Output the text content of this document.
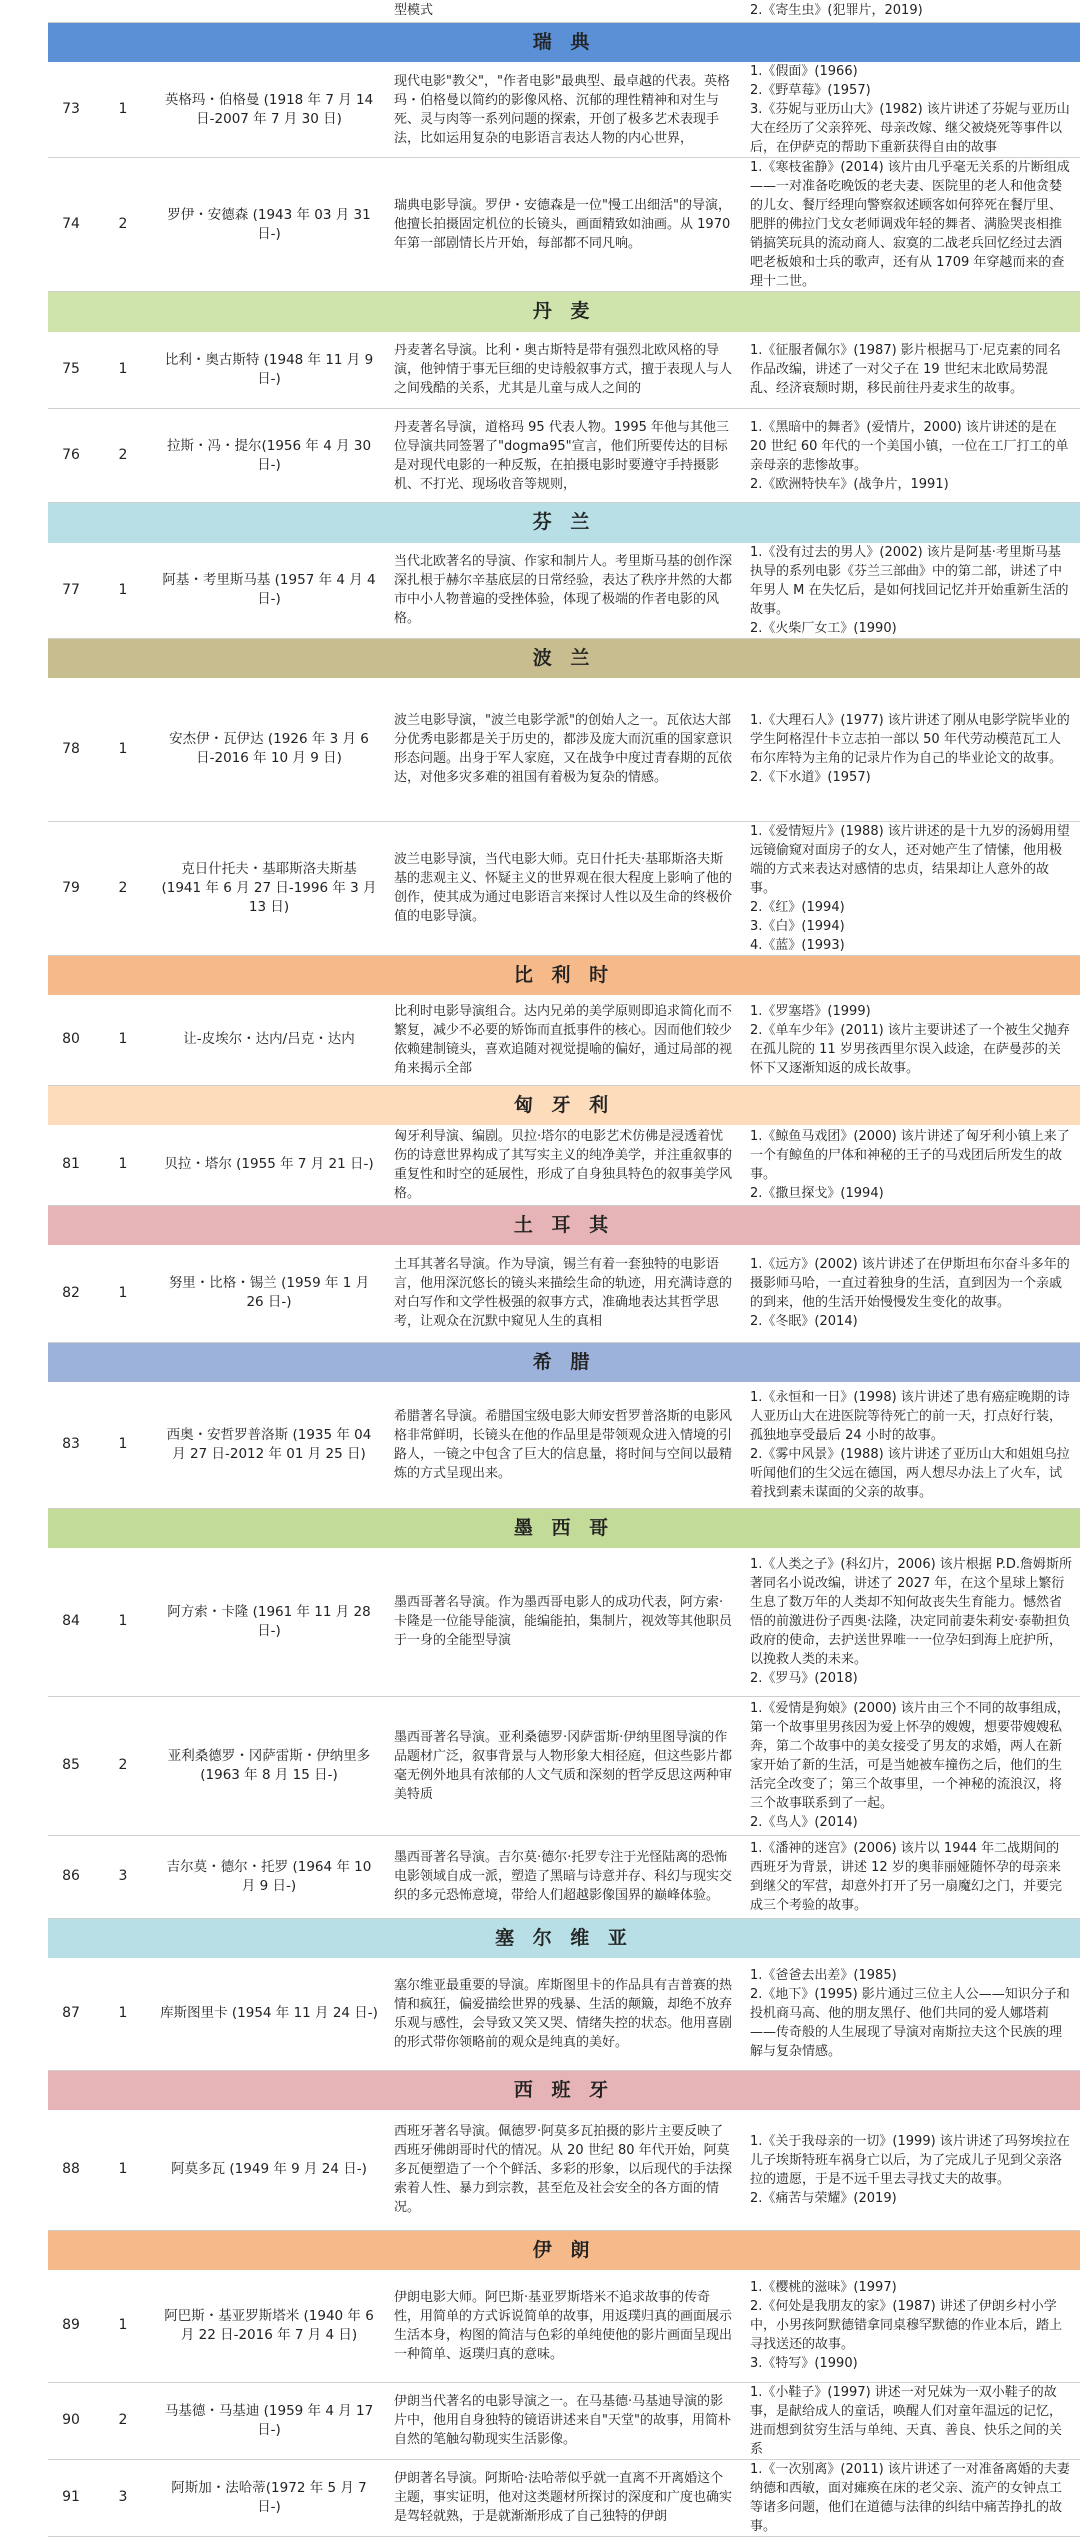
			型模式	2.《寄生虫》(犯罪片，2019)
瑞 典				
73	1	英格玛・伯格曼 (1918 年 7 月 14 日-2007 年 7 月 30 日)	现代电影"教父"，"作者电影"最典型、最卓越的代表。英格玛・伯格曼以简约的影像风格、沉郁的理性精神和对生与死、灵与肉等一系列问题的探索，开创了极多艺术表现手法，比如运用复杂的电影语言表达人物的内心世界，	1.《假面》(1966)
2.《野草莓》(1957)
3.《芬妮与亚历山大》(1982) 该片讲述了芬妮与亚历山大在经历了父亲猝死、母亲改嫁、继父被烧死等事件以后，在伊萨克的帮助下重新获得自由的故事

74	2	罗伊・安德森 (1943 年 03 月 31 日-)	瑞典电影导演。罗伊・安德森是一位"慢工出细活"的导演，他擅长拍摄固定机位的长镜头，画面精致如油画。从 1970 年第一部剧情长片开始，每部都不同凡响。	1.《寒枝雀静》(2014) 该片由几乎毫无关系的片断组成——一对准备吃晚饭的老夫妻、医院里的老人和他贪婪的儿女、餐厅经理向警察叙述顾客如何猝死在餐厅里、肥胖的佛拉门戈女老师调戏年轻的舞者、满脸哭丧相推销搞笑玩具的流动商人、寂寞的二战老兵回忆经过去酒吧老板娘和士兵的歌声，还有从 1709 年穿越而来的查理十二世。

丹 麦				
75	1	比利・奥古斯特 (1948 年 11 月 9 日-)	丹麦著名导演。比利・奥古斯特是带有强烈北欧风格的导演，他钟情于事无巨细的史诗般叙事方式，擅于表现人与人之间残酷的关系，尤其是儿童与成人之间的	1.《征服者佩尔》(1987) 影片根据马丁·尼克素的同名作品改编，讲述了一对父子在 19 世纪末北欧局势混乱、经济衰颓时期，移民前往丹麦求生的故事。

76	2	拉斯・冯・提尔(1956 年 4 月 30 日-)	丹麦著名导演，道格玛 95 代表人物。1995 年他与其他三位导演共同签署了"dogma95"宣言，他们所要传达的目标是对现代电影的一种反叛，在拍摄电影时要遵守手持摄影机、不打光、现场收音等规则，	1.《黑暗中的舞者》(爱情片，2000) 该片讲述的是在 20 世纪 60 年代的一个美国小镇，一位在工厂打工的单亲母亲的悲惨故事。
2.《欧洲特快车》(战争片，1991)

芬 兰				
77	1	阿基・考里斯马基 (1957 年 4 月 4 日-)	当代北欧著名的导演、作家和制片人。考里斯马基的创作深深扎根于赫尔辛基底层的日常经验，表达了秩序井然的大都市中小人物普遍的受挫体验，体现了极端的作者电影的风格。	1.《没有过去的男人》(2002) 该片是阿基·考里斯马基执导的系列电影《芬兰三部曲》中的第二部，讲述了中年男人 M 在失忆后，是如何找回记忆并开始重新生活的故事。
2.《火柴厂女工》(1990)

波 兰				
78	1	安杰伊・瓦伊达 (1926 年 3 月 6 日-2016 年 10 月 9 日)	波兰电影导演，"波兰电影学派"的创始人之一。瓦依达大部分优秀电影都是关于历史的，都涉及庞大而沉重的国家意识形态问题。出身于军人家庭，又在战争中度过青春期的瓦依达，对他多灾多难的祖国有着极为复杂的情感。	1.《大理石人》(1977) 该片讲述了刚从电影学院毕业的学生阿格涅什卡立志拍一部以 50 年代劳动模范瓦工人布尔库特为主角的记录片作为自己的毕业论文的故事。
2.《下水道》(1957)

79	2	克日什托夫・基耶斯洛夫斯基 (1941 年 6 月 27 日-1996 年 3 月 13 日)	波兰电影导演，当代电影大师。克日什托夫·基耶斯洛夫斯基的悲观主义、怀疑主义的世界观在很大程度上影响了他的创作，使其成为通过电影语言来探讨人性以及生命的终极价值的电影导演。	1.《爱情短片》(1988) 该片讲述的是十九岁的汤姆用望远镜偷窥对面房子的女人，还对她产生了情愫，他用极端的方式来表达对感情的忠贞，结果却让人意外的故事。
2.《红》(1994)
3.《白》(1994)
4.《蓝》(1993)

比 利 时				
80	1	让-皮埃尔・达内/吕克・达内	比利时电影导演组合。达内兄弟的美学原则即追求简化而不繁复，减少不必要的矫饰而直抵事件的核心。因而他们较少依赖建制镜头，喜欢追随对视觉提喻的偏好，通过局部的视角来揭示全部	1.《罗塞塔》(1999)
2.《单车少年》(2011) 该片主要讲述了一个被生父抛弃在孤儿院的 11 岁男孩西里尔误入歧途，在萨曼莎的关怀下又逐渐知返的成长故事。

匈 牙 利				
81	1	贝拉・塔尔 (1955 年 7 月 21 日-)	匈牙利导演、编剧。贝拉·塔尔的电影艺术仿佛是浸透着忧伤的诗意世界构成了其写实主义的纯净美学，并注重叙事的重复性和时空的延展性，形成了自身独具特色的叙事美学风格。	1.《鲸鱼马戏团》(2000) 该片讲述了匈牙利小镇上来了一个有鲸鱼的尸体和神秘的王子的马戏团后所发生的故事。
2.《撒旦探戈》(1994)

土 耳 其				
82	1	努里・比格・锡兰 (1959 年 1 月 26 日-)	土耳其著名导演。作为导演，锡兰有着一套独特的电影语言，他用深沉悠长的镜头来描绘生命的轨迹，用充满诗意的对白写作和文学性极强的叙事方式，准确地表达其哲学思考，让观众在沉默中窥见人生的真相	1.《远方》(2002) 该片讲述了在伊斯坦布尔奋斗多年的摄影师马哈，一直过着独身的生活，直到因为一个亲戚的到来，他的生活开始慢慢发生变化的故事。
2.《冬眠》(2014)

希 腊				
83	1	西奥・安哲罗普洛斯 (1935 年 04 月 27 日-2012 年 01 月 25 日)	希腊著名导演。希腊国宝级电影大师安哲罗普洛斯的电影风格非常鲜明，长镜头在他的作品里是带领观众进入情境的引路人，一镜之中包含了巨大的信息量，将时间与空间以最精炼的方式呈现出来。	1.《永恒和一日》(1998) 该片讲述了患有癌症晚期的诗人亚历山大在进医院等待死亡的前一天，打点好行装，孤独地享受最后 24 小时的故事。
2.《雾中风景》(1988) 该片讲述了亚历山大和姐姐乌拉听闻他们的生父远在德国，两人想尽办法上了火车，试着找到素未谋面的父亲的故事。

墨 西 哥				
84	1	阿方索・卡隆 (1961 年 11 月 28 日-)	墨西哥著名导演。作为墨西哥电影人的成功代表，阿方索·卡隆是一位能导能演，能编能拍，集制片，视效等其他职员于一身的全能型导演	1.《人类之子》(科幻片，2006) 该片根据 P.D.詹姆斯所著同名小说改编，讲述了 2027 年，在这个星球上繁衍生息了数万年的人类却不知何故丧失生育能力。憾然省悟的前激进份子西奥·法隆，决定同前妻朱莉安·泰勒担负政府的使命，去护送世界唯一一位孕妇到海上庇护所，以挽救人类的未来。
2.《罗马》(2018)

85	2	亚利桑德罗・冈萨雷斯・伊纳里多 (1963 年 8 月 15 日-)	墨西哥著名导演。亚利桑德罗·冈萨雷斯·伊纳里图导演的作品题材广泛，叙事背景与人物形象大相径庭，但这些影片都毫无例外地具有浓郁的人文气质和深刻的哲学反思这两种审美特质	1.《爱情是狗娘》(2000) 该片由三个不同的故事组成，第一个故事里男孩因为爱上怀孕的嫂嫂，想要带嫂嫂私奔，第二个故事中的美女接受了男友的求婚，两人在新家开始了新的生活，可是当她被车撞伤之后，他们的生活完全改变了；第三个故事里，一个神秘的流浪汉，将三个故事联系到了一起。
2.《鸟人》(2014)

86	3	吉尔莫・德尔・托罗 (1964 年 10 月 9 日-)	墨西哥著名导演。吉尔莫·德尔·托罗专注于光怪陆离的恐怖电影领域自成一派，塑造了黑暗与诗意并存、科幻与现实交织的多元恐怖意境，带给人们超越影像国界的巅峰体验。	1.《潘神的迷宫》(2006) 该片以 1944 年二战期间的西班牙为背景，讲述 12 岁的奥菲丽娅随怀孕的母亲来到继父的军营，却意外打开了另一扇魔幻之门，并要完成三个考验的故事。

塞 尔 维 亚				
87	1	库斯图里卡 (1954 年 11 月 24 日-)	塞尔维亚最重要的导演。库斯图里卡的作品具有吉普赛的热情和疯狂，偏爱描绘世界的残暴、生活的颠簸，却绝不放弃乐观与感性，会导致又笑又哭、情绪失控的状态。他用喜剧的形式带你领略前的观众是纯真的美好。	1.《爸爸去出差》(1985)
2.《地下》(1995) 影片通过三位主人公——知识分子和投机商马高、他的朋友黑仔、他们共同的爱人娜塔莉——传奇般的人生展现了导演对南斯拉夫这个民族的理解与复杂情感。

西 班 牙				
88	1	阿莫多瓦 (1949 年 9 月 24 日-)	西班牙著名导演。佩德罗·阿莫多瓦拍摄的影片主要反映了西班牙佛朗哥时代的情况。从 20 世纪 80 年代开始，阿莫多瓦便塑造了一个个鲜活、多彩的形象，以后现代的手法探索着人性、暴力到宗教，甚至危及社会安全的各方面的情况。	1.《关于我母亲的一切》(1999) 该片讲述了玛努埃拉在儿子埃斯特班车祸身亡以后，为了完成儿子见到父亲洛拉的遗愿，于是不远千里去寻找丈夫的故事。
2.《痛苦与荣耀》(2019)

伊 朗				
89	1	阿巴斯・基亚罗斯塔米 (1940 年 6 月 22 日-2016 年 7 月 4 日)	伊朗电影大师。阿巴斯·基亚罗斯塔米不追求故事的传奇性，用简单的方式诉说简单的故事，用返璞归真的画面展示生活本身，构图的简洁与色彩的单纯使他的影片画面呈现出一种简单、返璞归真的意味。	1.《樱桃的滋味》(1997)
2.《何处是我朋友的家》(1987) 讲述了伊朗乡村小学中，小男孩阿默德错拿同桌穆罕默德的作业本后，踏上寻找送还的故事。
3.《特写》(1990)

90	2	马基德・马基迪 (1959 年 4 月 17 日-)	伊朗当代著名的电影导演之一。在马基德·马基迪导演的影片中，他用自身独特的镜语讲述来自"天堂"的故事，用简朴自然的笔触勾勒现实生活影像。	1.《小鞋子》(1997) 讲述一对兄妹为一双小鞋子的故事，是献给成人的童话，唤醒人们对童年温远的记忆，进而想到贫穷生活与单纯、天真、善良、快乐之间的关系

91	3	阿斯加・法哈蒂(1972 年 5 月 7 日-)	伊朗著名导演。阿斯哈·法哈蒂似乎就一直离不开离婚这个主题，事实证明，他对这类题材所探讨的深度和广度也确实是驾轻就熟，于是就渐渐形成了自己独特的伊朗	1.《一次别离》(2011) 该片讲述了一对准备离婚的夫妻纳德和西敏，面对瘫痪在床的老父亲、流产的女钟点工等诸多问题，他们在道德与法律的纠结中痛苦挣扎的故事。
